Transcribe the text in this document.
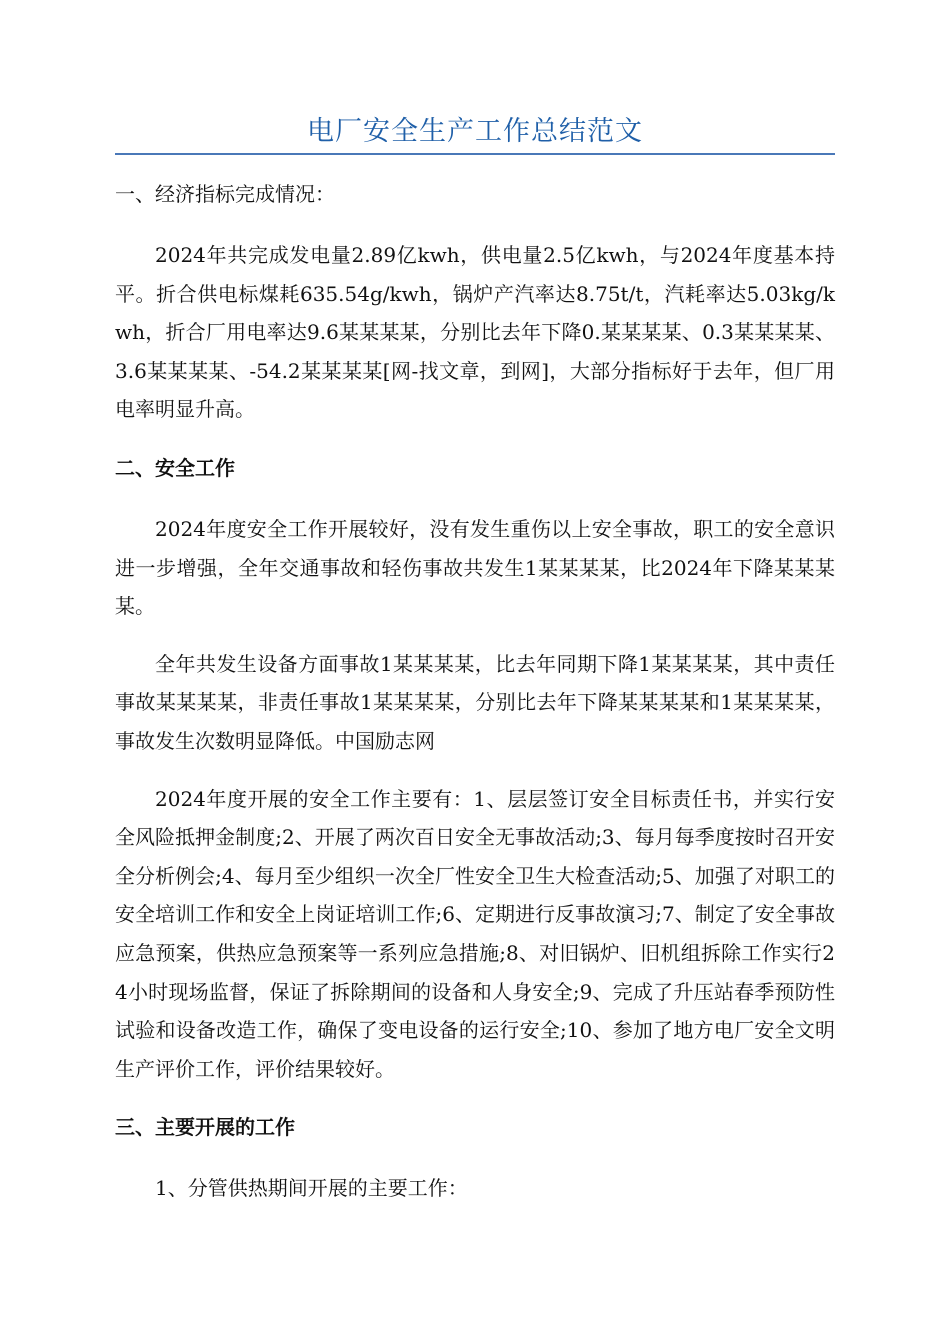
电厂安全生产工作总结范文
一、经济指标完成情况：

2024年共完成发电量2.89亿kwh，供电量2.5亿kwh，与2024年度基本持平。折合供电标煤耗635.54g/kwh，锅炉产汽率达8.75t/t，汽耗率达5.03kg/kwh，折合厂用电率达9.6某某某某，分别比去年下降0.某某某某、0.3某某某某、3.6某某某某、-54.2某某某某[网-找文章，到网]，大部分指标好于去年，但厂用电率明显升高。

二、安全工作

2024年度安全工作开展较好，没有发生重伤以上安全事故，职工的安全意识进一步增强，全年交通事故和轻伤事故共发生1某某某某，比2024年下降某某某某。

全年共发生设备方面事故1某某某某，比去年同期下降1某某某某，其中责任事故某某某某，非责任事故1某某某某，分别比去年下降某某某某和1某某某某，事故发生次数明显降低。中国励志网

2024年度开展的安全工作主要有：1、层层签订安全目标责任书，并实行安全风险抵押金制度;2、开展了两次百日安全无事故活动;3、每月每季度按时召开安全分析例会;4、每月至少组织一次全厂性安全卫生大检查活动;5、加强了对职工的安全培训工作和安全上岗证培训工作;6、定期进行反事故演习;7、制定了安全事故应急预案，供热应急预案等一系列应急措施;8、对旧锅炉、旧机组拆除工作实行24小时现场监督，保证了拆除期间的设备和人身安全;9、完成了升压站春季预防性试验和设备改造工作，确保了变电设备的运行安全;10、参加了地方电厂安全文明生产评价工作，评价结果较好。

三、主要开展的工作

1、分管供热期间开展的主要工作：
